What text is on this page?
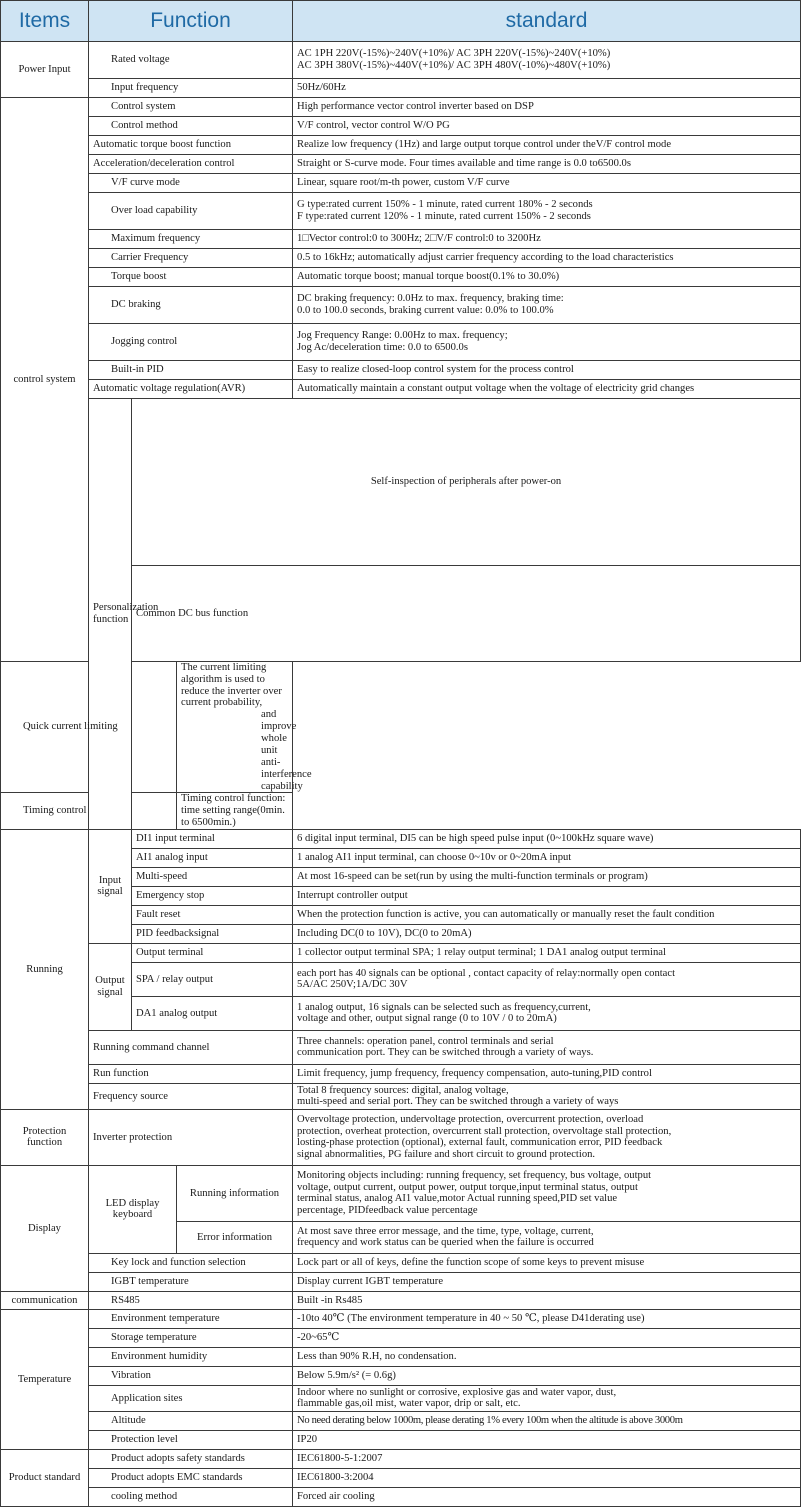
Items	Function			standard	
Power Input	Rated voltage			AC 1PH 220V(-15%)~240V(+10%)/ AC 3PH 220V(-15%)~240V(+10%)
AC 3PH 380V(-15%)~440V(+10%)/ AC 3PH 480V(-10%)~480V(+10%)	

	Input frequency			50Hz/60Hz	

control system	Control system			High performance vector control inverter based on DSP	
	Control method			V/F control, vector control W/O PG	
	Automatic torque boost function			Realize low frequency (1Hz) and large output torque control under theV/F control mode	
	Acceleration/deceleration control			Straight or S-curve mode. Four times available and time range is 0.0 to6500.0s	
	V/F curve mode			Linear, square root/m-th power, custom V/F curve	
	Over load capability			G type:rated current 150% - 1 minute, rated current 180% - 2 seconds
F type:rated current 120% - 1 minute, rated current 150% - 2 seconds	

	Maximum frequency			1□Vector control:0 to 300Hz; 2□V/F control:0 to 3200Hz	
	Carrier Frequency			0.5 to 16kHz; automatically adjust carrier frequency according to the load characteristics	
	Torque boost			Automatic torque boost; manual torque boost(0.1% to 30.0%)	
	DC braking			DC braking frequency: 0.0Hz to max. frequency, braking time:
0.0 to 100.0 seconds, braking current value: 0.0% to 100.0%	

	Jogging control			Jog Frequency Range: 0.00Hz to max. frequency;
Jog Ac/deceleration time: 0.0 to 6500.0s	

	Built-in PID			Easy to realize closed-loop control system for the process control	
	Automatic voltage regulation(AVR)			Automatically maintain a constant output voltage when the voltage of electricity grid changes	
	Personalization function	Self-inspection of peripherals after power-on	
		Common DC bus function	
Quick current limiting			The current limiting algorithm is used to reduce the inverter over current probability,
and improve whole unit anti-interference capability		

Timing control			Timing control function: time setting range(0min. to 6500min.)		
Running	Input signal	DI1 input terminal		6 digital input terminal, DI5 can be high speed pulse input (0~100kHz square wave)	
		AI1 analog input		1 analog AI1 input terminal, can choose 0~10v or 0~20mA input	
		Multi-speed		At most 16-speed can be set(run by using the multi-function terminals or program)	
		Emergency stop		Interrupt controller output	
		Fault reset		When the protection function is active, you can automatically or manually reset the fault condition	
		PID feedbacksignal		Including DC(0 to 10V), DC(0 to 20mA)	
	Output signal	Output terminal		1 collector output terminal SPA; 1 relay output terminal; 1 DA1 analog output terminal	
		SPA / relay output		each port has 40 signals can be optional , contact capacity of relay:normally open contact
5A/AC 250V;1A/DC 30V	

		DA1 analog output		1 analog output, 16 signals can be selected such as frequency,current,
voltage and other, output signal range (0 to 10V / 0 to 20mA)	

	Running command channel			Three channels: operation panel, control terminals and serial
communication port. They can be switched through a variety of ways.	

	Run function			Limit frequency, jump frequency, frequency compensation, auto-tuning,PID control	
	Frequency source			Total 8 frequency sources: digital, analog voltage,
multi-speed and serial port. They can be switched through a variety of ways	

Protection function	Inverter protection			Overvoltage protection, undervoltage protection, overcurrent protection, overload
protection, overheat protection, overcurrent stall protection, overvoltage stall protection,
losting-phase protection (optional), external fault, communication error, PID feedback
signal abnormalities, PG failure and short circuit to ground protection.	

Display	LED display keyboard		Running information	Monitoring objects including: running frequency, set frequency, bus voltage, output
voltage, output current, output power, output torque,input terminal status, output
terminal status, analog AI1 value,motor Actual running speed,PID set value
percentage, PIDfeedback value percentage	

			Error information	At most save three error message, and the time, type, voltage, current,
frequency and work status can be queried when the failure is occurred	

	Key lock and function selection			Lock part or all of keys, define the function scope of some keys to prevent misuse	
	IGBT temperature			Display current IGBT temperature	
communication	RS485			Built -in Rs485	
Temperature	Environment temperature			-10to 40℃ (The environment temperature in 40 ~ 50 ℃, please D41derating use)	
	Storage temperature			-20~65℃	
	Environment humidity			Less than 90% R.H, no condensation.	
	Vibration			Below 5.9m/s² (= 0.6g)	
	Application sites			Indoor where no sunlight or corrosive, explosive gas and water vapor, dust,
flammable gas,oil mist, water vapor, drip or salt, etc.	

	Altitude			No need derating below 1000m, please derating 1% every 100m when the altitude is above 3000m	
	Protection level			IP20	
Product standard	Product adopts safety standards			IEC61800-5-1:2007	
	Product adopts EMC standards			IEC61800-3:2004	
	cooling method			Forced air cooling	
